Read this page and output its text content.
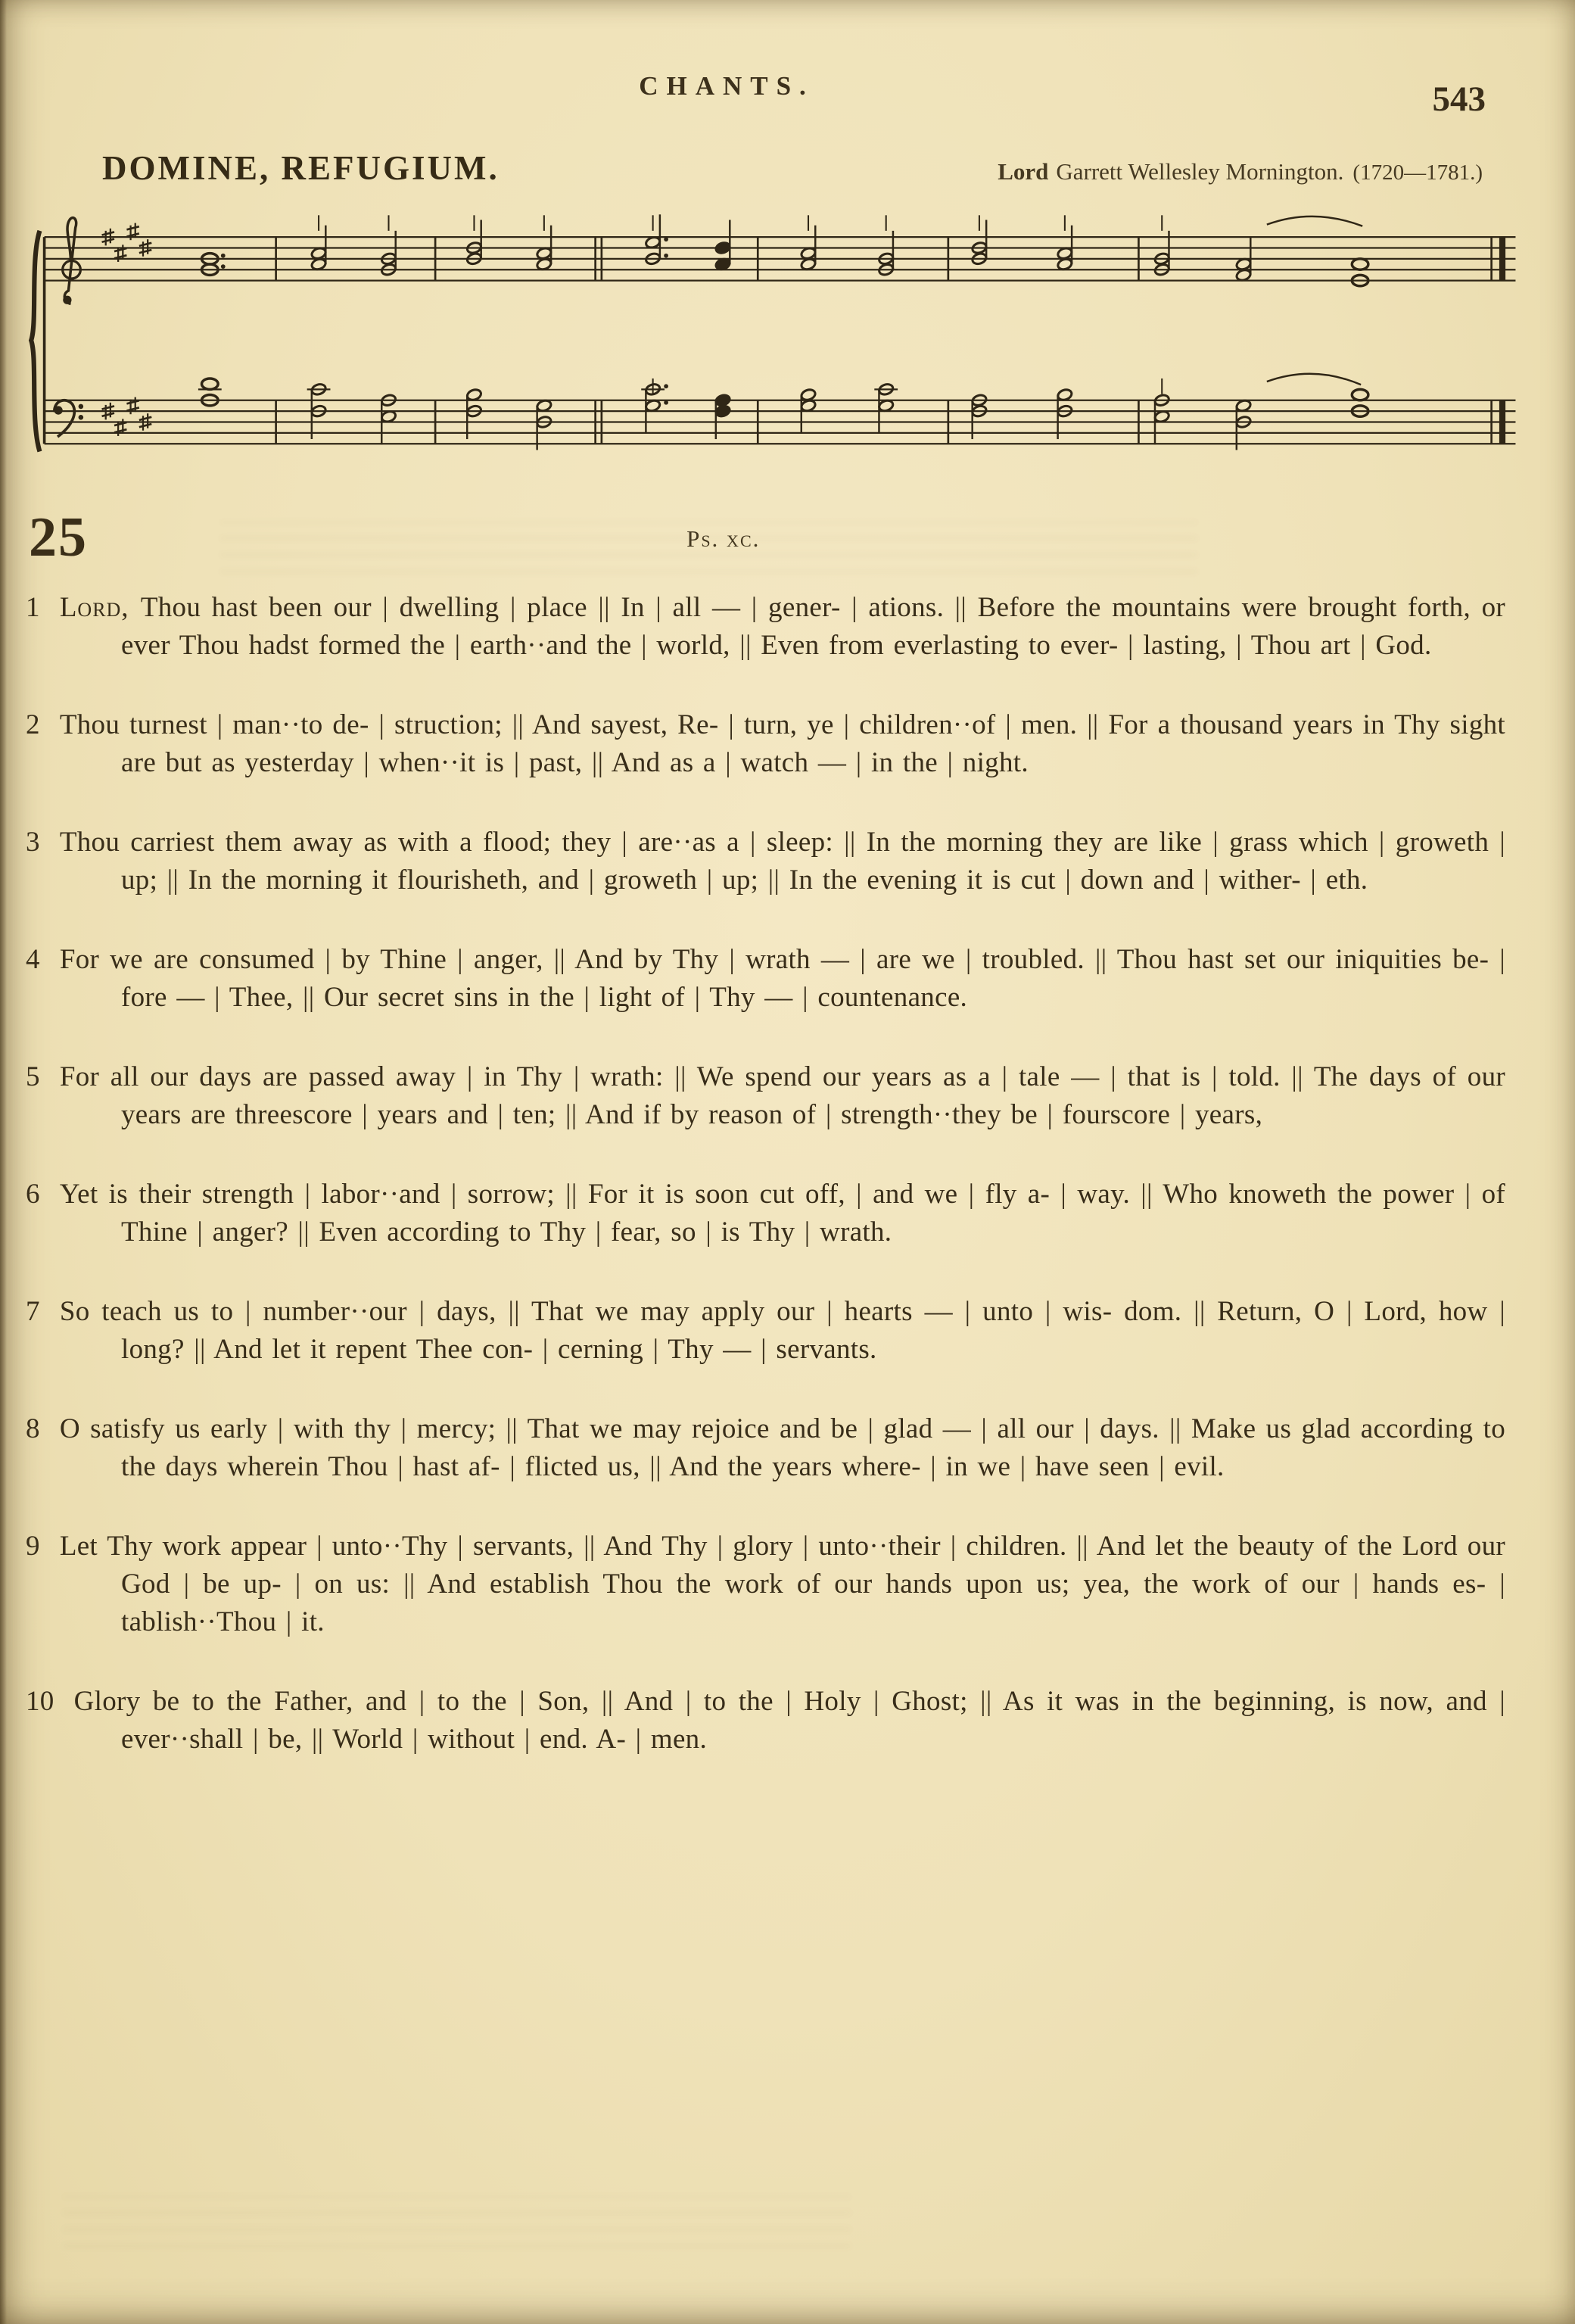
CHANTS.	543
DOMINE, REFUGIUM.	Lord Garrett Wellesley Mornington. (1720—1781.)
25	Ps. xc.
1 Lord, Thou hast been our | dwelling | place || In | all — | gener- | ations. || Before the mountains were brought forth, or ever Thou hadst formed the | earth··and the | world, || Even from everlasting to ever- | lasting, | Thou art | God.
2 Thou turnest | man··to de- | struction; || And sayest, Re- | turn, ye | children··of | men. || For a thousand years in Thy sight are but as yesterday | when··it is | past, || And as a | watch — | in the | night.
3 Thou carriest them away as with a flood; they | are··as a | sleep: || In the morning they are like | grass which | groweth | up; || In the morning it flourisheth, and | groweth | up; || In the evening it is cut | down and | wither- | eth.
4 For we are consumed | by Thine | anger, || And by Thy | wrath — | are we | troubled. || Thou hast set our iniquities be- | fore — | Thee, || Our secret sins in the | light of | Thy — | countenance.
5 For all our days are passed away | in Thy | wrath: || We spend our years as a | tale — | that is | told. || The days of our years are threescore | years and | ten; || And if by reason of | strength··they be | fourscore | years,
6 Yet is their strength | labor··and | sorrow; || For it is soon cut off, | and we | fly a- | way. || Who knoweth the power | of Thine | anger? || Even according to Thy | fear, so | is Thy | wrath.
7 So teach us to | number··our | days, || That we may apply our | hearts — | unto | wis- dom. || Return, O | Lord, how | long? || And let it repent Thee con- | cerning | Thy — | servants.
8 O satisfy us early | with thy | mercy; || That we may rejoice and be | glad — | all our | days. || Make us glad according to the days wherein Thou | hast af- | flicted us, || And the years where- | in we | have seen | evil.
9 Let Thy work appear | unto··Thy | servants, || And Thy | glory | unto··their | children. || And let the beauty of the Lord our God | be up- | on us: || And establish Thou the work of our hands upon us; yea, the work of our | hands es- | tablish··Thou | it.
10 Glory be to the Father, and | to the | Son, || And | to the | Holy | Ghost; || As it was in the beginning, is now, and | ever··shall | be, || World | without | end. A- | men.
